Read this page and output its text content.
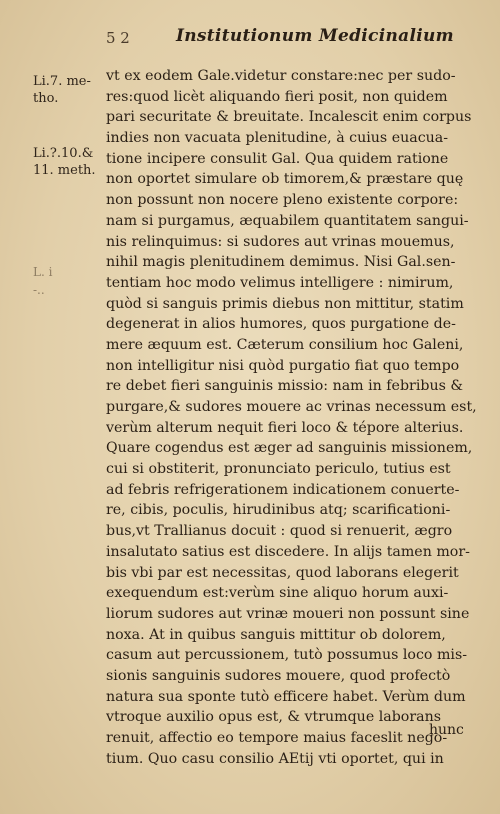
5 2	Institutionum Medicinalium
Li.7. me-
tho.
Li.?.10.&
11. meth.
L. i
-..
vt ex eodem Gale.videtur constare:nec per sudo-
res:quod licèt aliquando fieri posit, non quidem
pari securitate & breuitate. Incalescit enim corpus
indies non vacuata plenitudine, à cuius euacua-
tione incipere consulit Gal. Qua quidem ratione
non oportet simulare ob timorem,& præstare quę
non possunt non nocere pleno existente corpore:
nam si purgamus, æquabilem quantitatem sangui-
nis relinquimus: si sudores aut vrinas mouemus,
nihil magis plenitudinem demimus. Nisi Gal.sen-
tentiam hoc modo velimus intelligere : nimirum,
quòd si sanguis primis diebus non mittitur, statim
degenerat in alios humores, quos purgatione de-
mere æquum est. Cæterum consilium hoc Galeni,
non intelligitur nisi quòd purgatio fiat quo tempo
re debet fieri sanguinis missio: nam in febribus &
purgare,& sudores mouere ac vrinas necessum est,
verùm alterum nequit fieri loco & tépore alterius.
Quare cogendus est æger ad sanguinis missionem,
cui si obstiterit, pronunciato periculo, tutius est
ad febris refrigerationem indicationem conuerte-
re, cibis, poculis, hirudinibus atq; scarificationi-
bus,vt Trallianus docuit : quod si renuerit, ægro
insalutato satius est discedere. In alijs tamen mor-
bis vbi par est necessitas, quod laborans elegerit
exequendum est:verùm sine aliquo horum auxi-
liorum sudores aut vrinæ moueri non possunt sine
noxa. At in quibus sanguis mittitur ob dolorem,
casum aut percussionem, tutò possumus loco mis-
sionis sanguinis sudores mouere, quod profectò
natura sua sponte tutò efficere habet. Verùm dum
vtroque auxilio opus est, & vtrumque laborans
renuit, affectio eo tempore maius faceslit nego-
tium. Quo casu consilio AEtij vti oportet, qui in
hunc
